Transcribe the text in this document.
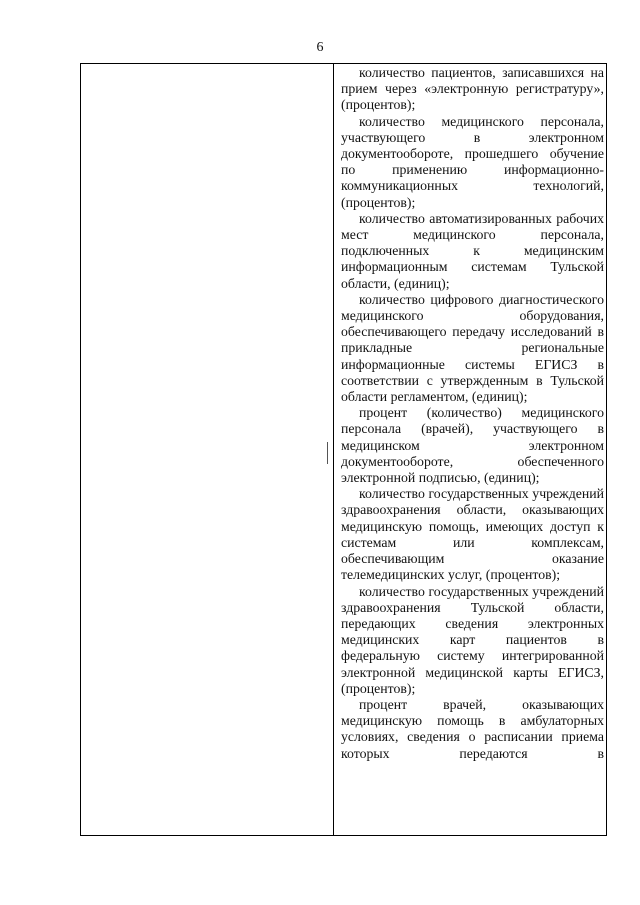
6

количество пациентов, записавшихся на прием через «электронную регистратуру», (процентов);

количество медицинского персонала, участвующего в электронном документообороте, прошедшего обучение по применению информационно-коммуникационных технологий, (процентов);

количество автоматизированных рабочих мест медицинского персонала, подключенных к медицинским информационным системам Тульской области, (единиц);

количество цифрового диагностического медицинского оборудования, обеспечивающего передачу исследований в прикладные региональные информационные системы ЕГИСЗ в соответствии с утвержденным в Тульской области регламентом, (единиц);

процент (количество) медицинского персонала (врачей), участвующего в медицинском электронном документообороте, обеспеченного электронной подписью, (единиц);

количество государственных учреждений здравоохранения области, оказывающих медицинскую помощь, имеющих доступ к системам или комплексам, обеспечивающим оказание телемедицинских услуг, (процентов);

количество государственных учреждений здравоохранения Тульской области, передающих сведения электронных медицинских карт пациентов в федеральную систему интегрированной электронной медицинской карты ЕГИСЗ, (процентов);

процент врачей, оказывающих медицинскую помощь в амбулаторных условиях, сведения о расписании приема которых передаются в
